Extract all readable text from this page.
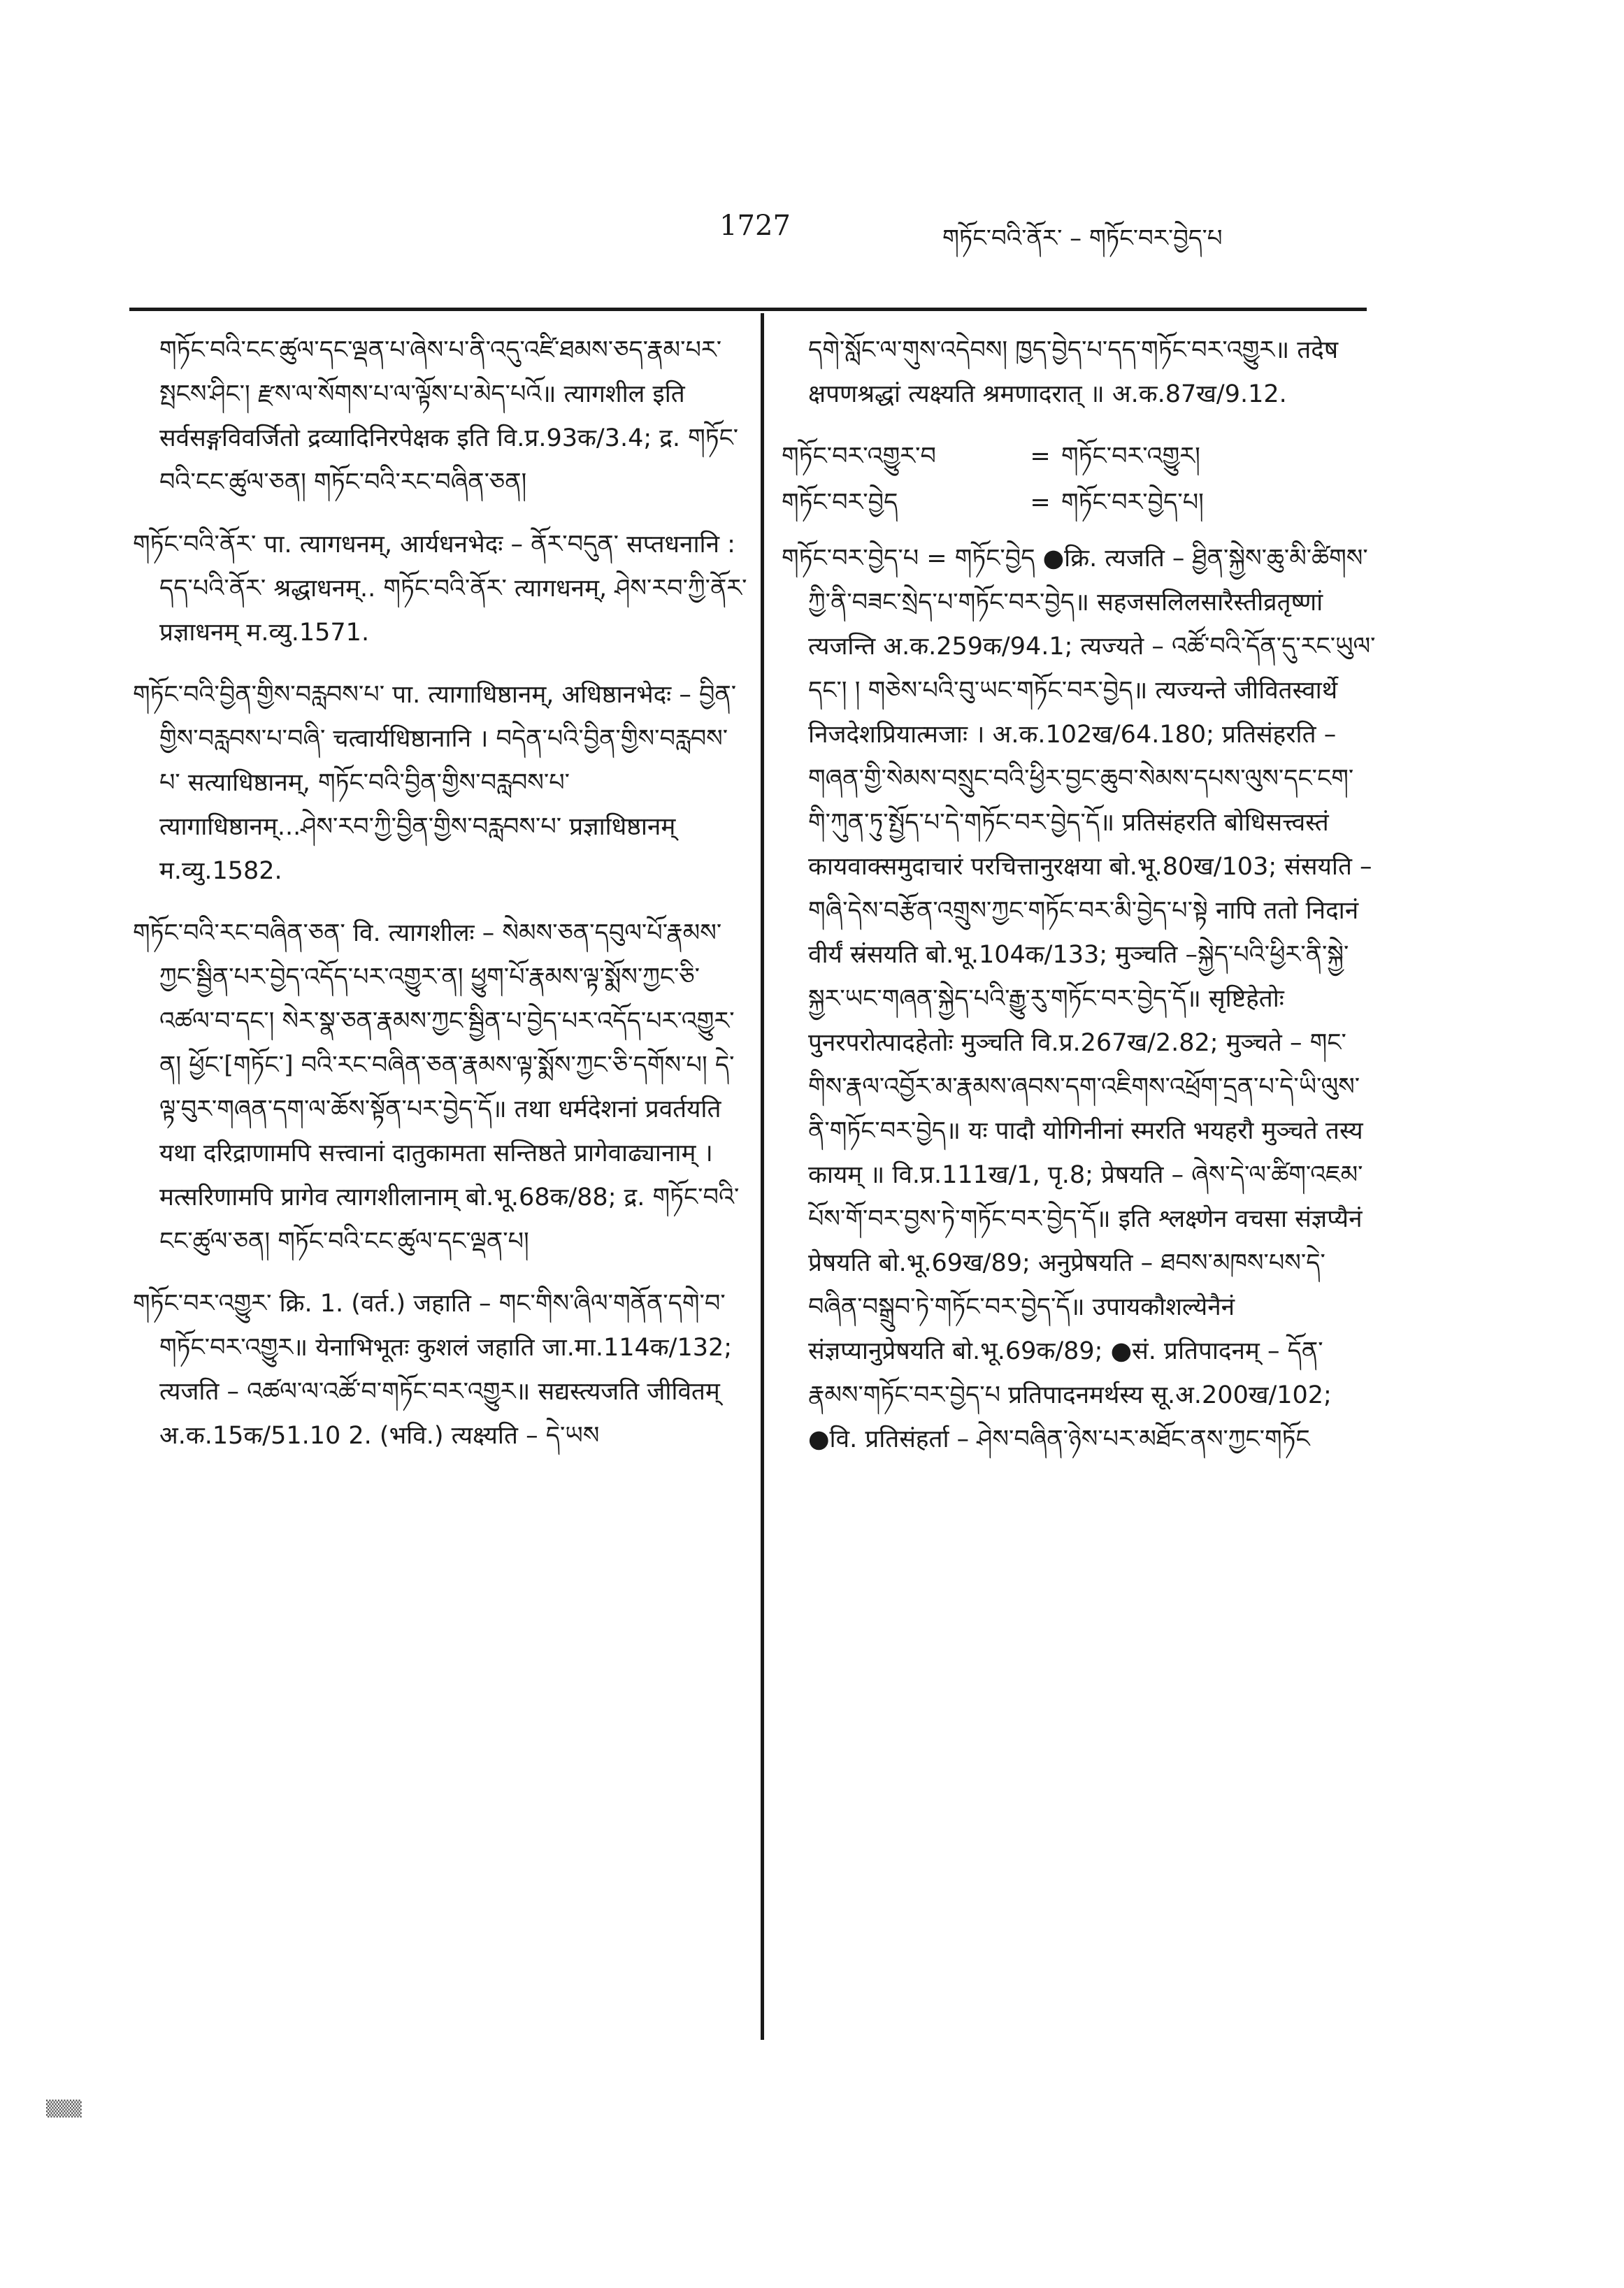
1727	གཏོང་བའི་ནོར་ – གཏོང་བར་བྱེད་པ

གཏོང་བའི་ངང་ཚུལ་དང་ལྡན་པ་ཞེས་པ་ནི་འདུ་འཛི་ཐམས་ཅད་རྣམ་པར་སྤངས་ཤིང་། རྫས་ལ་སོགས་པ་ལ་ལྟོས་པ་མེད་པའོ॥ त्यागशील इति सर्वसङ्गविवर्जितो द्रव्यादिनिरपेक्षक इति वि.प्र.93क/3.4; द्र. གཏོང་བའི་ངང་ཚུལ་ཅན། གཏོང་བའི་རང་བཞིན་ཅན།

གཏོང་བའི་ནོར་ पा. त्यागधनम्, आर्यधनभेदः – ནོར་བདུན་ सप्तधनानि : དད་པའི་ནོར་ श्रद्धाधनम्.. གཏོང་བའི་ནོར་ त्यागधनम्, ཤེས་རབ་ཀྱི་ནོར་ प्रज्ञाधनम् म.व्यु.1571.

གཏོང་བའི་བྱིན་གྱིས་བརླབས་པ་ पा. त्यागाधिष्ठानम्, अधिष्ठानभेदः – བྱིན་གྱིས་བརླབས་པ་བཞི་ चत्वार्यधिष्ठानानि । བདེན་པའི་བྱིན་གྱིས་བརླབས་པ་ सत्याधिष्ठानम्, གཏོང་བའི་བྱིན་གྱིས་བརླབས་པ་ त्यागाधिष्ठानम्...ཤེས་རབ་ཀྱི་བྱིན་གྱིས་བརླབས་པ་ प्रज्ञाधिष्ठानम् म.व्यु.1582.

གཏོང་བའི་རང་བཞིན་ཅན་ वि. त्यागशीलः – སེམས་ཅན་དབུལ་པོ་རྣམས་ཀྱང་སྦྱིན་པར་བྱེད་འདོད་པར་འགྱུར་ན། ཕྱུག་པོ་རྣམས་ལྟ་སྨོས་ཀྱང་ཅི་འཚལ་བ་དང་། སེར་སྣ་ཅན་རྣམས་ཀྱང་སྦྱིན་པ་བྱེད་པར་འདོད་པར་འགྱུར་ན། ཕྱོང་[གཏོང་] བའི་རང་བཞིན་ཅན་རྣམས་ལྟ་སྨོས་ཀྱང་ཅི་དགོས་པ། དེ་ལྟ་བུར་གཞན་དག་ལ་ཆོས་སྟོན་པར་བྱེད་དོ॥ तथा धर्मदेशनां प्रवर्तयति यथा दरिद्राणामपि सत्त्वानां दातुकामता सन्तिष्ठते प्रागेवाढ्यानाम् । मत्सरिणामपि प्रागेव त्यागशीलानाम् बो.भू.68क/88; द्र. གཏོང་བའི་ངང་ཚུལ་ཅན། གཏོང་བའི་ངང་ཚུལ་དང་ལྡན་པ།

གཏོང་བར་འགྱུར་ क्रि. 1. (वर्त.) जहाति – གང་གིས་ཞིལ་གནོན་དགེ་བ་གཏོང་བར་འགྱུར॥ येनाभिभूतः कुशलं जहाति जा.मा.114क/132; त्यजति – འཚལ་ལ་འཚོ་བ་གཏོང་བར་འགྱུར॥ सद्यस्त्यजति जीवितम् अ.क.15क/51.10 2. (भवि.) त्यक्ष्यति – དེ་ཡས

དགེ་སློང་ལ་གུས་འདེབས། ཁྱད་བྱེད་པ་དད་གཏོང་བར་འགྱུར॥ तदेष क्षपणश्रद्धां त्यक्ष्यति श्रमणादरात् ॥ अ.क.87ख/9.12.

གཏོང་བར་འགྱུར་བ	= གཏོང་བར་འགྱུར།
གཏོང་བར་བྱེད	= གཏོང་བར་བྱེད་པ།

གཏོང་བར་བྱེད་པ = གཏོང་བྱེད ●क्रि. त्यजति – ཐྱིན་སྐྱེས་ཆུ་མི་ཚིགས་ཀྱི་ནི་བཟང་སྲེད་པ་གཏོང་བར་བྱེད॥ सहजसलिलसारैस्तीव्रतृष्णां त्यजन्ति अ.क.259क/94.1; त्यज्यते – འཚོ་བའི་དོན་དུ་རང་ཡུལ་དང་། ། གཅེས་པའི་བུ་ཡང་གཏོང་བར་བྱེད॥ त्यज्यन्ते जीवितस्वार्थे निजदेशप्रियात्मजाः । अ.क.102ख/64.180; प्रतिसंहरति – གཞན་གྱི་སེམས་བསྲུང་བའི་ཕྱིར་བྱང་ཆུབ་སེམས་དཔས་ལུས་དང་ངག་གི་ཀུན་ཏུ་སྤྱོད་པ་དེ་གཏོང་བར་བྱེད་དོ॥ प्रतिसंहरति बोधिसत्त्वस्तं कायवाक्समुदाचारं परचित्तानुरक्षया बो.भू.80ख/103; संसयति – གཞི་དེས་བརྩོན་འགྲུས་ཀྱང་གཏོང་བར་མི་བྱེད་པ་སྟེ नापि ततो निदानं वीर्यं स्रंसयति बो.भू.104क/133; मुञ्चति –སྐྱེད་པའི་ཕྱིར་ནི་སྐྱེ་སྐྱར་ཡང་གཞན་སྐྱེད་པའི་རྒྱུ་རུ་གཏོང་བར་བྱེད་དོ॥ सृष्टिहेतोः पुनरपरोत्पादहेतोः मुञ्चति वि.प्र.267ख/2.82; मुञ्चते – གང་གིས་རྣལ་འབྱོར་མ་རྣམས་ཞབས་དག་འཇིགས་འཕྲོག་དྲན་པ་དེ་ཡི་ལུས་ནི་གཏོང་བར་བྱེད॥ यः पादौ योगिनीनां स्मरति भयहरौ मुञ्चते तस्य कायम् ॥ वि.प्र.111ख/1, पृ.8; प्रेषयति – ཞེས་དེ་ལ་ཚིག་འཇམ་པོས་གོ་བར་བྱས་ཏེ་གཏོང་བར་བྱེད་དོ॥ इति श्लक्ष्णेन वचसा संज्ञप्यैनं प्रेषयति बो.भू.69ख/89; अनुप्रेषयति – ཐབས་མཁས་པས་དེ་བཞིན་བསྒྲུབ་ཏེ་གཏོང་བར་བྱེད་དོ॥ उपायकौशल्येनैनं संज्ञप्यानुप्रेषयति बो.भू.69क/89; ●सं. प्रतिपादनम् – དོན་རྣམས་གཏོང་བར་བྱེད་པ प्रतिपादनमर्थस्य सू.अ.200ख/102; ●वि. प्रतिसंहर्ता – ཤེས་བཞིན་ཉེས་པར་མཐོང་ནས་ཀྱང་གཏོང

▒▒▒
